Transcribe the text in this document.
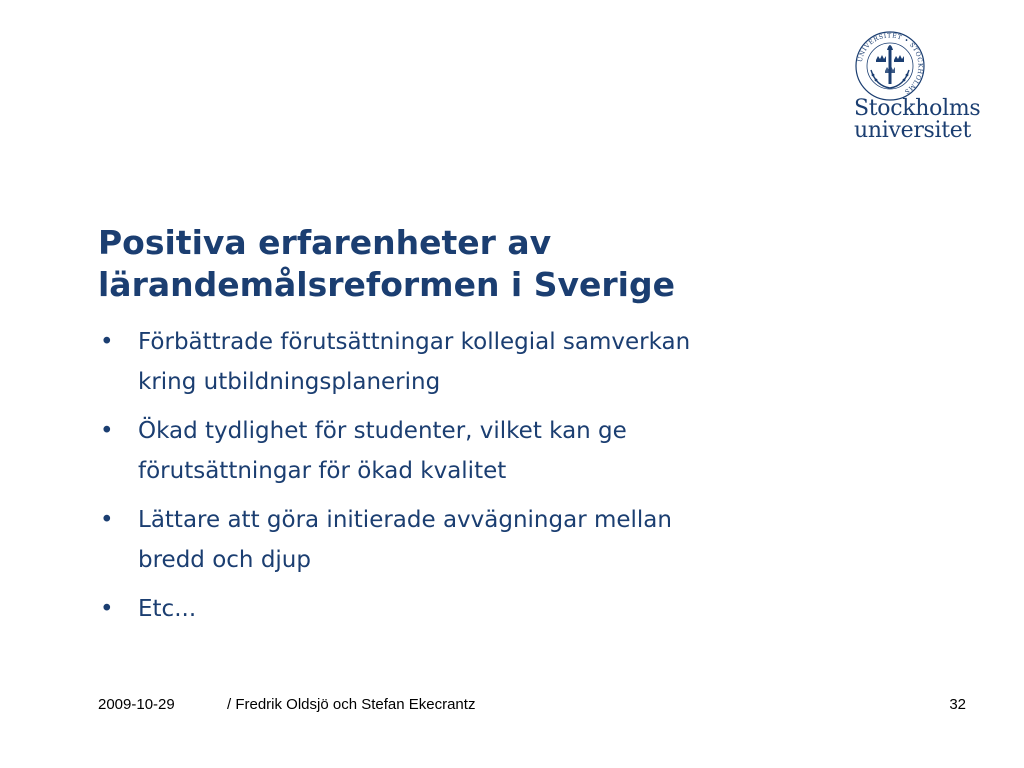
UNIVERSITET • STOCKHOLMS
Stockholms
universitet
Positiva erfarenheter av
lärandemålsreformen i Sverige
• Förbättrade förutsättningar kollegial samverkan
kring utbildningsplanering
• Ökad tydlighet för studenter, vilket kan ge
förutsättningar för ökad kvalitet
• Lättare att göra initierade avvägningar mellan
bredd och djup
• Etc...
2009-10-29	/ Fredrik Oldsjö och Stefan Ekecrantz	32
